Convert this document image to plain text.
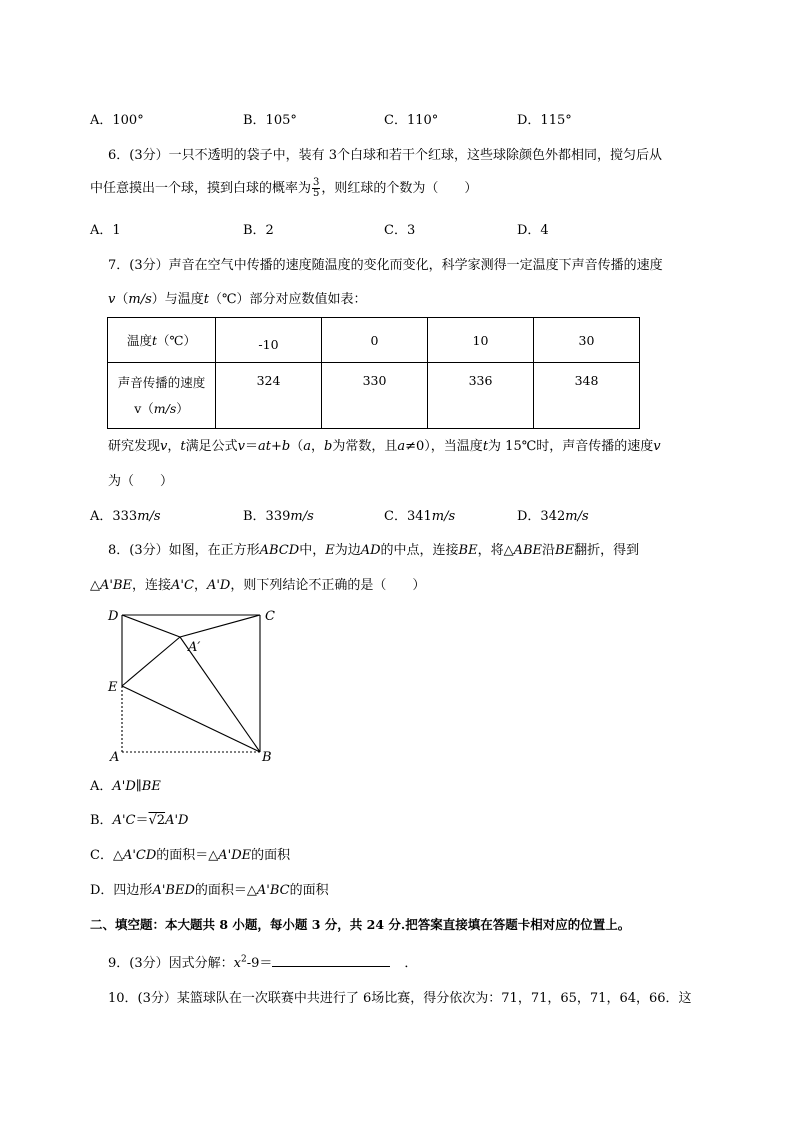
A．100°	B．105°	C．110°	D．115°
6．(3分）一只不透明的袋子中，装有 3个白球和若干个红球，这些球除颜色外都相同，搅匀后从
中任意摸出一个球，摸到白球的概率为 $\frac{3}{5}$ ，则红球的个数为（　　）
A．1	B．2	C．3	D．4
7．(3分）声音在空气中传播的速度随温度的变化而变化，科学家测得一定温度下声音传播的速度
v（m/s）与温度t（℃）部分对应数值如表：
温度t（℃）	-10	0	10	30

声音传播的速度
v（m/s）	324	330	336	348
研究发现v，t满足公式v＝at+b（a，b为常数，且a≠0），当温度t为 15℃时，声音传播的速度v
为（　　）
A．333m/s	B．339m/s	C．341m/s	D．342m/s
8．(3分）如图，在正方形ABCD中，E为边AD的中点，连接BE，将△ABE沿BE翻折，得到
△A'BE，连接A'C，A'D，则下列结论不正确的是（　　）
D	C
A′
E
A	B
A．A'D∥BE
B．A'C＝√2A'D
C．△A'CD的面积＝△A'DE的面积
D．四边形A'BED的面积＝△A'BC的面积
二、填空题：本大题共 8 小题，每小题 3 分，共 24 分.把答案直接填在答题卡相对应的位置上。
9．(3分）因式分解：$x^2-9=$	．
10．(3分）某篮球队在一次联赛中共进行了 6场比赛，得分依次为：71，71，65，71，64，66．这
